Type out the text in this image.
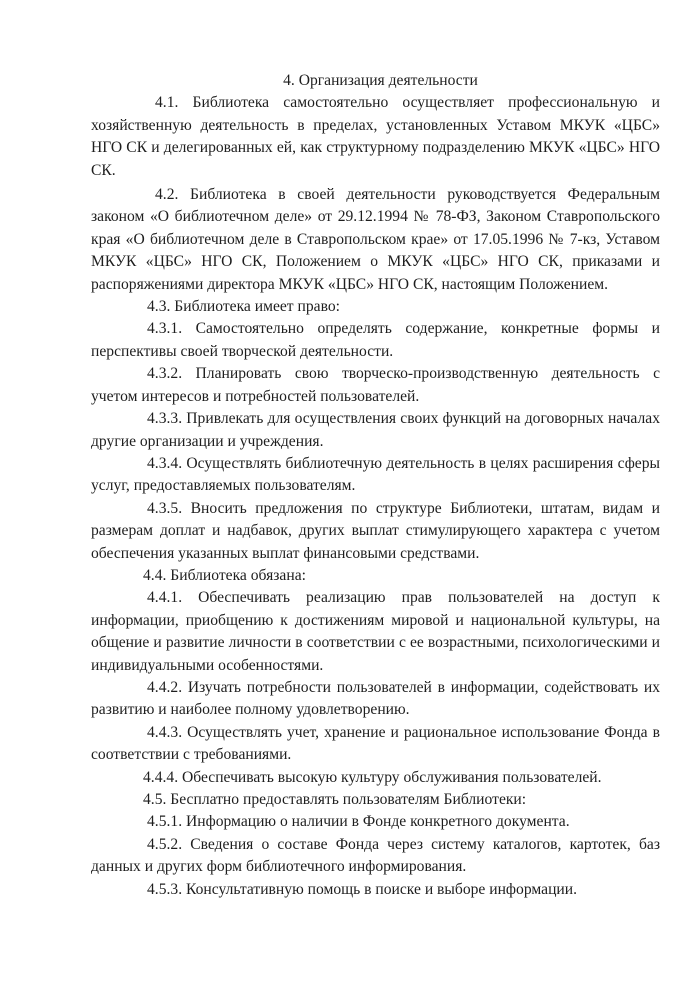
4. Организация деятельности

4.1. Библиотека самостоятельно осуществляет профессиональную и хозяйственную деятельность в пределах, установленных Уставом МКУК «ЦБС» НГО СК и делегированных ей, как структурному подразделению МКУК «ЦБС» НГО СК.

4.2. Библиотека в своей деятельности руководствуется Федеральным законом «О библиотечном деле» от 29.12.1994 № 78-ФЗ, Законом Ставропольского края «О библиотечном деле в Ставропольском крае» от 17.05.1996 № 7-кз, Уставом МКУК «ЦБС» НГО СК, Положением о МКУК «ЦБС» НГО СК, приказами и распоряжениями директора МКУК «ЦБС» НГО СК, настоящим Положением.

4.3. Библиотека имеет право:

4.3.1. Самостоятельно определять содержание, конкретные формы и перспективы своей творческой деятельности.

4.3.2. Планировать свою творческо-производственную деятельность с учетом интересов и потребностей пользователей.

4.3.3. Привлекать для осуществления своих функций на договорных началах другие организации и учреждения.

4.3.4. Осуществлять библиотечную деятельность в целях расширения сферы услуг, предоставляемых пользователям.

4.3.5. Вносить предложения по структуре Библиотеки, штатам, видам и размерам доплат и надбавок, других выплат стимулирующего характера с учетом обеспечения указанных выплат финансовыми средствами.

4.4. Библиотека обязана:

4.4.1. Обеспечивать реализацию прав пользователей на доступ к информации, приобщению к достижениям мировой и национальной культуры, на общение и развитие личности в соответствии с ее возрастными, психологическими и индивидуальными особенностями.

4.4.2. Изучать потребности пользователей в информации, содействовать их развитию и наиболее полному удовлетворению.

4.4.3. Осуществлять учет, хранение и рациональное использование Фонда в соответствии с требованиями.

4.4.4. Обеспечивать высокую культуру обслуживания пользователей.

4.5. Бесплатно предоставлять пользователям Библиотеки:

4.5.1. Информацию о наличии в Фонде конкретного документа.

4.5.2. Сведения о составе Фонда через систему каталогов, картотек, баз данных и других форм библиотечного информирования.

4.5.3. Консультативную помощь в поиске и выборе информации.
